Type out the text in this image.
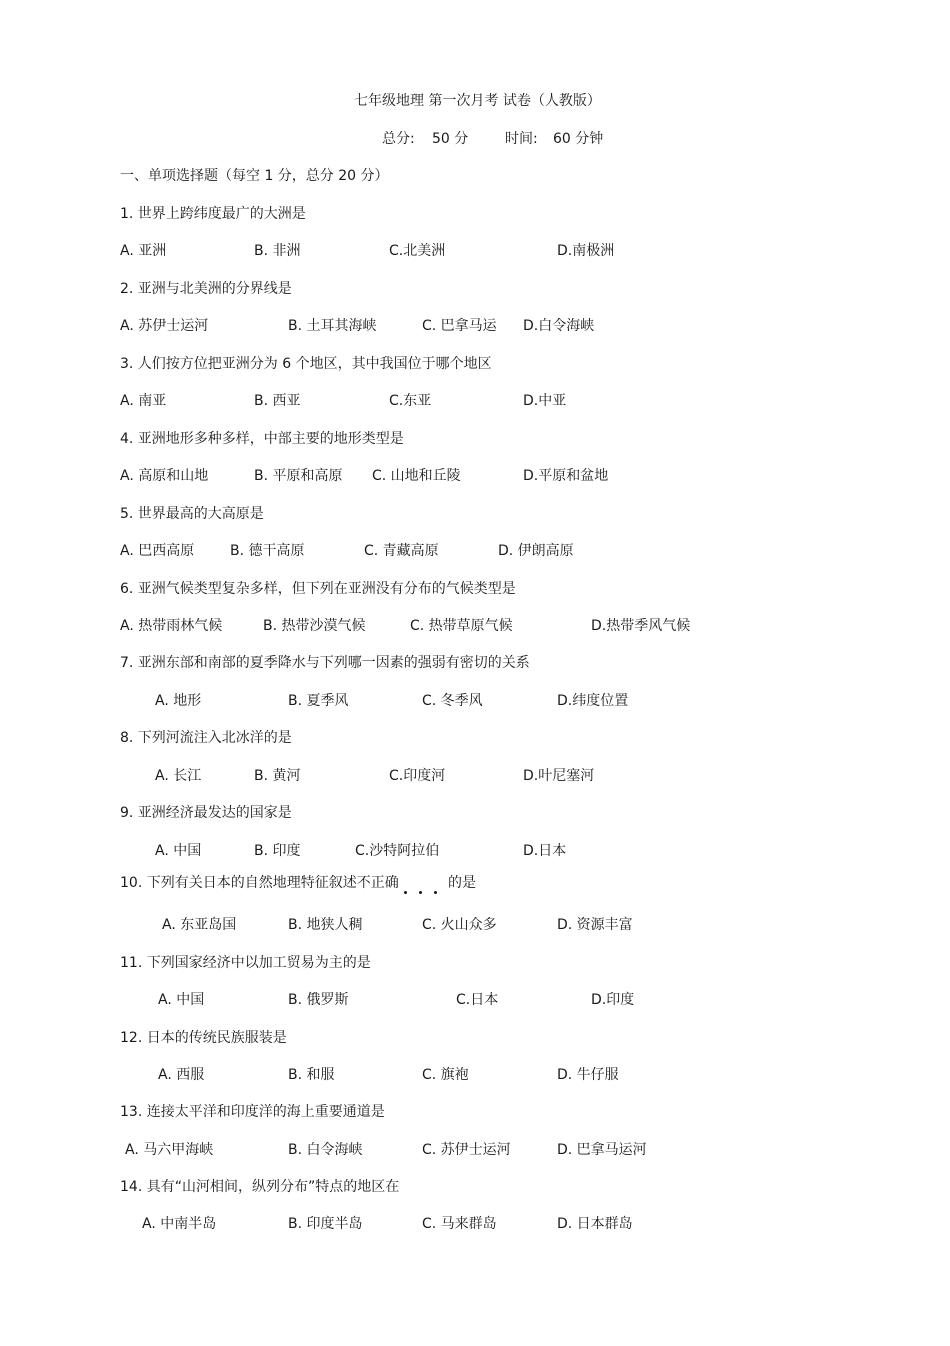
七年级地理 第一次月考 试卷（人教版）
总分: 50 分	时间: 60 分钟
一、单项选择题（每空 1 分，总分 20 分）
1. 世界上跨纬度最广的大洲是
A. 亚洲	B. 非洲	C.北美洲	D.南极洲
2. 亚洲与北美洲的分界线是
A. 苏伊士运河	B. 土耳其海峡	C. 巴拿马运 D.白令海峡
3. 人们按方位把亚洲分为 6 个地区，其中我国位于哪个地区
A. 南亚	B. 西亚	C.东亚	D.中亚
4. 亚洲地形多种多样，中部主要的地形类型是
A. 高原和山地	B. 平原和高原 C. 山地和丘陵	D.平原和盆地
5. 世界最高的大高原是
A. 巴西高原	B. 德干高原	C. 青藏高原	D. 伊朗高原
6. 亚洲气候类型复杂多样，但下列在亚洲没有分布的气候类型是
A. 热带雨林气候	B. 热带沙漠气候	C. 热带草原气候	D.热带季风气候
7. 亚洲东部和南部的夏季降水与下列哪一因素的强弱有密切的关系
A. 地形	B. 夏季风	C. 冬季风	D.纬度位置
8. 下列河流注入北冰洋的是
A. 长江	B. 黄河	C.印度河	D.叶尼塞河
9. 亚洲经济最发达的国家是
A. 中国	B. 印度	C.沙特阿拉伯	D.日本
10. 下列有关日本的自然地理特征叙述不正确	的是
A. 东亚岛国	B. 地狭人稠	C. 火山众多	D. 资源丰富
11. 下列国家经济中以加工贸易为主的是
A. 中国	B. 俄罗斯	C.日本	D.印度
12. 日本的传统民族服装是
A. 西服	B. 和服	C. 旗袍	D. 牛仔服
13. 连接太平洋和印度洋的海上重要通道是
A. 马六甲海峡	B. 白令海峡	C. 苏伊士运河	D. 巴拿马运河
14. 具有“山河相间，纵列分布”特点的地区在
A. 中南半岛	B. 印度半岛	C. 马来群岛	D. 日本群岛
